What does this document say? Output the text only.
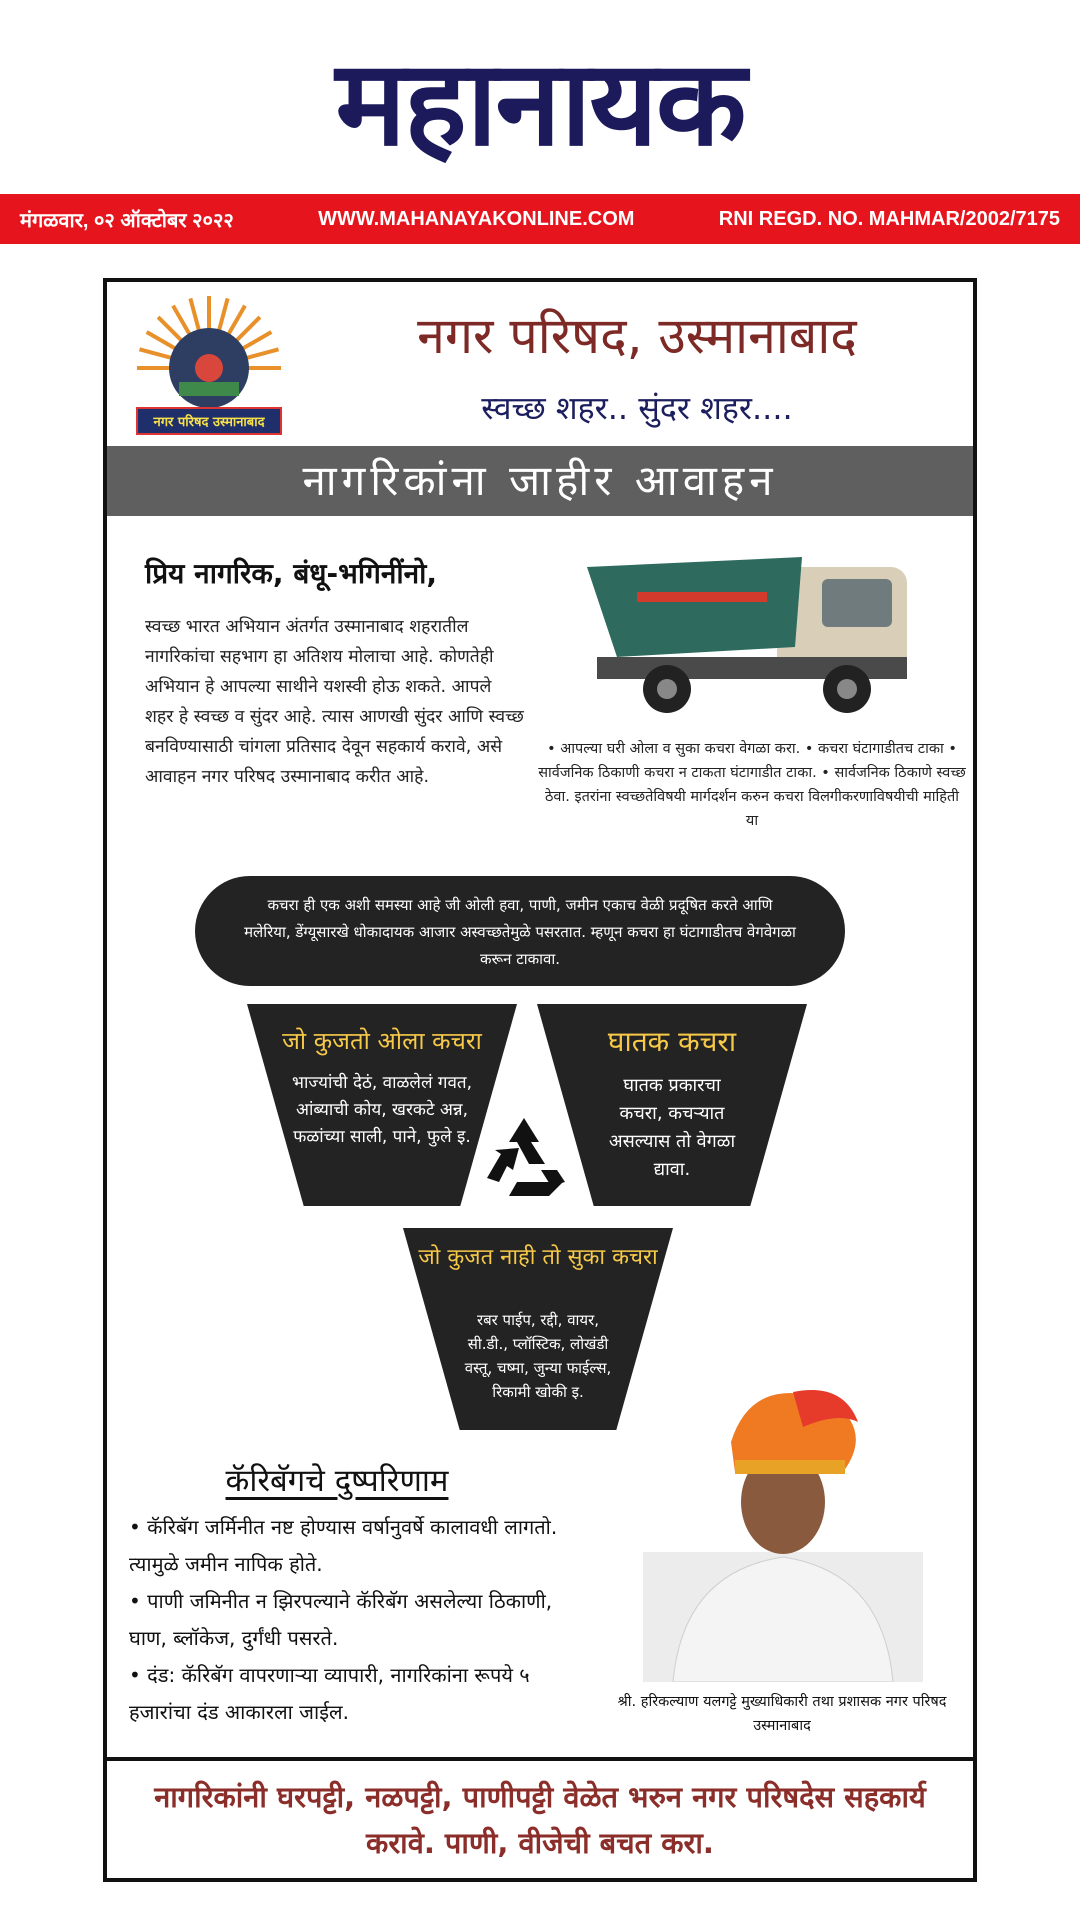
महानायक
मंगळवार, ०२ ऑक्टोबर २०२२	WWW.MAHANAYAKONLINE.COM	RNI REGD. NO. MAHMAR/2002/7175
नगर परिषद उस्मानाबाद
नगर परिषद, उस्मानाबाद
स्वच्छ शहर.. सुंदर शहर....
नागरिकांना जाहीर आवाहन
प्रिय नागरिक, बंधू-भगिनींनो,
स्वच्छ भारत अभियान अंतर्गत उस्मानाबाद शहरातील नागरिकांचा सहभाग हा अतिशय मोलाचा आहे. कोणतेही अभियान हे आपल्या साथीने यशस्वी होऊ शकते. आपले शहर हे स्वच्छ व सुंदर आहे. त्यास आणखी सुंदर आणि स्वच्छ बनविण्यासाठी चांगला प्रतिसाद देवून सहकार्य करावे, असे आवाहन नगर परिषद उस्मानाबाद करीत आहे.
• आपल्या घरी ओला व सुका कचरा वेगळा करा. • कचरा घंटागाडीतच टाका • सार्वजनिक ठिकाणी कचरा न टाकता घंटागाडीत टाका. • सार्वजनिक ठिकाणे स्वच्छ ठेवा. इतरांना स्वच्छतेविषयी मार्गदर्शन करुन कचरा विलगीकरणाविषयीची माहिती या
कचरा ही एक अशी समस्या आहे जी ओली हवा, पाणी, जमीन एकाच वेळी प्रदूषित करते आणि मलेरिया, डेंग्यूसारखे धोकादायक आजार अस्वच्छतेमुळे पसरतात. म्हणून कचरा हा घंटागाडीतच वेगवेगळा करून टाकावा.
जो कुजतो ओला कचरा
भाज्यांची देठं, वाळलेलं गवत, आंब्याची कोय, खरकटे अन्न, फळांच्या साली, पाने, फुले इ.
घातक कचरा
घातक प्रकारचा कचरा, कचऱ्यात असल्यास तो वेगळा द्यावा.
जो कुजत नाही तो सुका कचरा
रबर पाईप, रद्दी, वायर, सी.डी., प्लॉस्टिक, लोखंडी वस्तू, चष्मा, जुन्या फाईल्स, रिकामी खोकी इ.
कॅरिबॅगचे दुष्परिणाम

• कॅरिबॅग जर्मिनीत नष्ट होण्यास वर्षानुवर्षे कालावधी लागतो. त्यामुळे जमीन नापिक होते.

• पाणी जमिनीत न झिरपल्याने कॅरिबॅग असलेल्या ठिकाणी, घाण, ब्लॉकेज, दुर्गंधी पसरते.

• दंड: कॅरिबॅग वापरणाऱ्या व्यापारी, नागरिकांना रूपये ५ हजारांचा दंड आकारला जाईल.	श्री. हरिकल्याण यलगट्टे मुख्याधिकारी तथा प्रशासक नगर परिषद उस्मानाबाद
नागरिकांनी घरपट्टी, नळपट्टी, पाणीपट्टी वेळेत भरुन नगर परिषदेस सहकार्य करावे. पाणी, वीजेची बचत करा.
